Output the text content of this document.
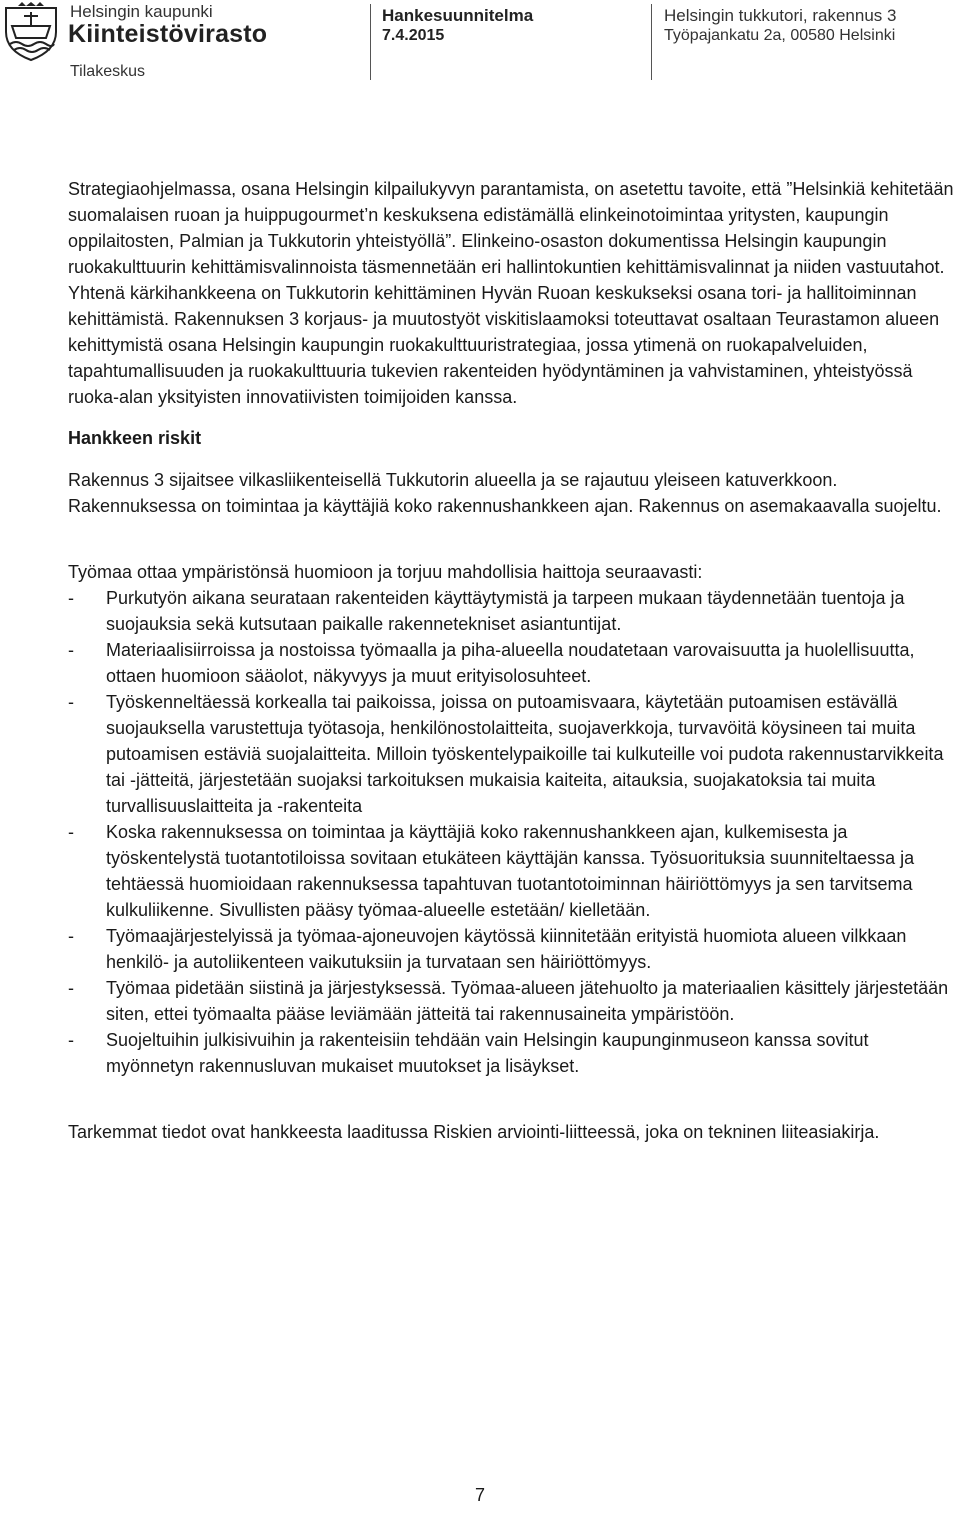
Helsingin kaupunki
Kiinteistövirasto
Tilakeskus
Hankesuunnitelma
7.4.2015
Helsingin tukkutori, rakennus 3
Työpajankatu 2a, 00580 Helsinki

Strategiaohjelmassa, osana Helsingin kilpailukyvyn parantamista, on asetettu tavoite, että ”Helsinkiä kehitetään suomalaisen ruoan ja huippugourmet’n keskuksena edistämällä elinkeinotoimintaa yritysten, kaupungin oppilaitosten, Palmian ja Tukkutorin yhteistyöllä”. Elinkeino-osaston dokumentissa Helsingin kaupungin ruokakulttuurin kehittämisvalinnoista täsmennetään eri hallintokuntien kehittämisvalinnat ja niiden vastuutahot. Yhtenä kärkihankkeena on Tukkutorin kehittäminen Hyvän Ruoan keskukseksi osana tori- ja hallitoiminnan kehittämistä. Rakennuksen 3 korjaus- ja muutostyöt viskitislaamoksi toteuttavat osaltaan Teurastamon alueen kehittymistä osana Helsingin kaupungin ruokakulttuuristrategiaa, jossa ytimenä on ruokapalveluiden, tapahtumallisuuden ja ruokakulttuuria tukevien rakenteiden hyödyntäminen ja vahvistaminen, yhteistyössä ruoka-alan yksityisten innovatiivisten toimijoiden kanssa.

Hankkeen riskit

Rakennus 3 sijaitsee vilkasliikenteisellä Tukkutorin alueella ja se rajautuu yleiseen katuverkkoon. Rakennuksessa on toimintaa ja käyttäjiä koko rakennushankkeen ajan. Rakennus on asemakaavalla suojeltu.

Työmaa ottaa ympäristönsä huomioon ja torjuu mahdollisia haittoja seuraavasti:

- Purkutyön aikana seurataan rakenteiden käyttäytymistä ja tarpeen mukaan täydennetään tuentoja ja suojauksia sekä kutsutaan paikalle rakennetekniset asiantuntijat.
- Materiaalisiirroissa ja nostoissa työmaalla ja piha-alueella noudatetaan varovaisuutta ja huolellisuutta, ottaen huomioon sääolot, näkyvyys ja muut erityisolosuhteet.
- Työskenneltäessä korkealla tai paikoissa, joissa on putoamisvaara, käytetään putoamisen estävällä suojauksella varustettuja työtasoja, henkilönostolaitteita, suojaverkkoja, turvavöitä köysineen tai muita putoamisen estäviä suojalaitteita. Milloin työskentelypaikoille tai kulkuteille voi pudota rakennustarvikkeita tai -jätteitä, järjestetään suojaksi tarkoituksen mukaisia kaiteita, aitauksia, suojakatoksia tai muita turvallisuuslaitteita ja -rakenteita
- Koska rakennuksessa on toimintaa ja käyttäjiä koko rakennushankkeen ajan, kulkemisesta ja työskentelystä tuotantotiloissa sovitaan etukäteen käyttäjän kanssa. Työsuorituksia suunniteltaessa ja tehtäessä huomioidaan rakennuksessa tapahtuvan tuotantotoiminnan häiriöttömyys ja sen tarvitsema kulkuliikenne. Sivullisten pääsy työmaa-alueelle estetään/ kielletään.
- Työmaajärjestelyissä ja työmaa-ajoneuvojen käytössä kiinnitetään erityistä huomiota alueen vilkkaan henkilö- ja autoliikenteen vaikutuksiin ja turvataan sen häiriöttömyys.
- Työmaa pidetään siistinä ja järjestyksessä. Työmaa-alueen jätehuolto ja materiaalien käsittely järjestetään siten, ettei työmaalta pääse leviämään jätteitä tai rakennusaineita ympäristöön.
- Suojeltuihin julkisivuihin ja rakenteisiin tehdään vain Helsingin kaupunginmuseon kanssa sovitut myönnetyn rakennusluvan mukaiset muutokset ja lisäykset.

Tarkemmat tiedot ovat hankkeesta laaditussa Riskien arviointi-liitteessä, joka on tekninen liiteasiakirja.

7
